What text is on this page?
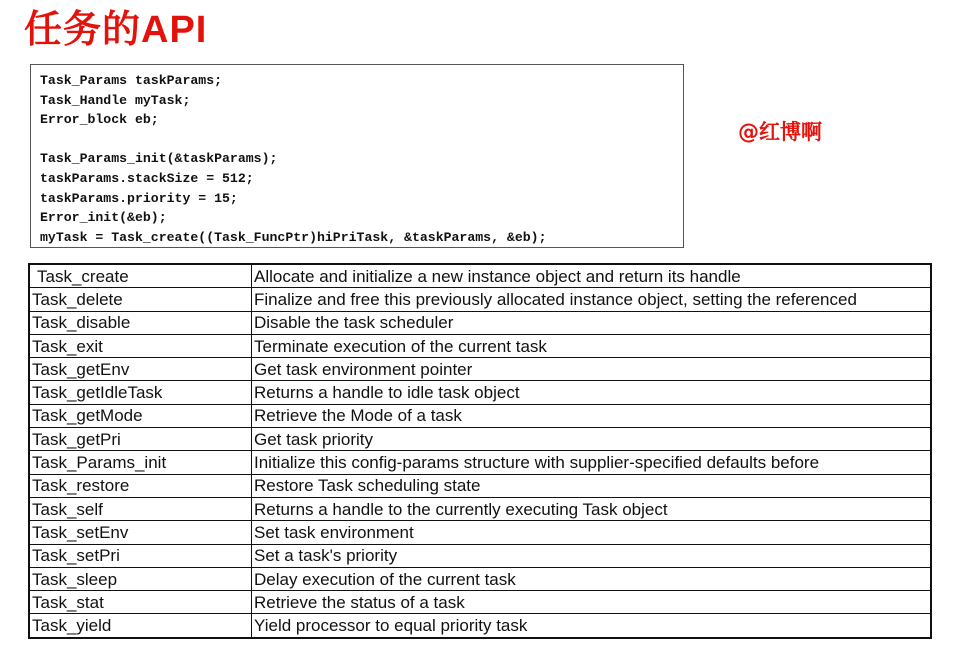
任务的API
Task_Params taskParams;
Task_Handle myTask;
Error_block eb;
Task_Params_init(&taskParams);
taskParams.stackSize = 512;
taskParams.priority = 15;
Error_init(&eb);
myTask = Task_create((Task_FuncPtr)hiPriTask, &taskParams, &eb);
@红博啊
Task_create	Allocate and initialize a new instance object and return its handle
Task_delete	Finalize and free this previously allocated instance object, setting the referenced
Task_disable	Disable the task scheduler
Task_exit	Terminate execution of the current task
Task_getEnv	Get task environment pointer
Task_getIdleTask	Returns a handle to idle task object
Task_getMode	Retrieve the Mode of a task
Task_getPri	Get task priority
Task_Params_init	Initialize this config-params structure with supplier-specified defaults before
Task_restore	Restore Task scheduling state
Task_self	Returns a handle to the currently executing Task object
Task_setEnv	Set task environment
Task_setPri	Set a task's priority
Task_sleep	Delay execution of the current task
Task_stat	Retrieve the status of a task
Task_yield	Yield processor to equal priority task
